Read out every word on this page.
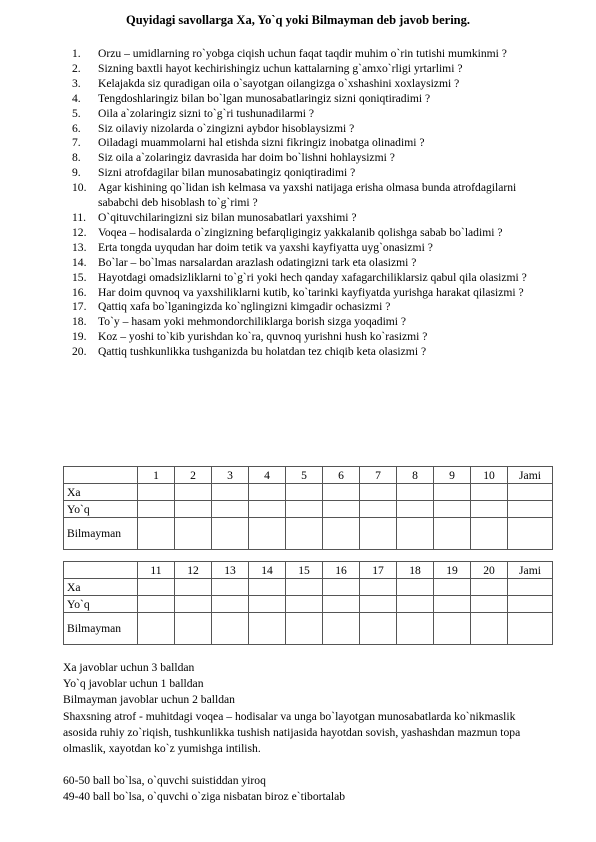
Quyidagi savollarga Xa, Yo`q yoki Bilmayman deb javob bering.
1.	Orzu – umidlarning ro`yobga ciqish uchun faqat taqdir muhim o`rin tutishi mumkinmi ?
2.	Sizning baxtli hayot kechirishingiz uchun kattalarning g`amxo`rligi yrtarlimi ?
3.	Kelajakda siz quradigan oila o`sayotgan oilangizga o`xshashini xoxlaysizmi ?
4.	Tengdoshlaringiz bilan bo`lgan munosabatlaringiz sizni qoniqtiradimi ?
5.	Oila a`zolaringiz sizni to`g`ri tushunadilarmi ?
6.	Siz oilaviy nizolarda o`zingizni aybdor hisoblaysizmi ?
7.	Oiladagi muammolarni hal etishda sizni fikringiz inobatga olinadimi ?
8.	Siz oila a`zolaringiz davrasida har doim bo`lishni hohlaysizmi ?
9.	Sizni atrofdagilar bilan munosabatingiz qoniqtiradimi ?
10. Agar kishining qo`lidan ish kelmasa va yaxshi natijaga erisha olmasa bunda atrofdagilarni sababchi deb hisoblash to`g`rimi ?
11.	O`qituvchilaringizni siz bilan munosabatlari yaxshimi ?
12. Voqea – hodisalarda o`zingizning befarqligingiz yakkalanib qolishga sabab bo`ladimi ?
13. Erta tongda uyqudan har doim tetik va yaxshi kayfiyatta uyg`onasizmi ?
14. Bo`lar – bo`lmas narsalardan arazlash odatingizni tark eta olasizmi ?
15. Hayotdagi omadsizliklarni to`g`ri yoki hech qanday xafagarchiliklarsiz qabul qila olasizmi ?
16. Har doim quvnoq va yaxshiliklarni kutib, ko`tarinki kayfiyatda yurishga harakat qilasizmi ?
17. Qattiq xafa bo`lganingizda ko`nglingizni kimgadir ochasizmi ?
18. To`y – hasam yoki mehmondorchiliklarga borish sizga yoqadimi ?
19. Koz – yoshi to`kib yurishdan ko`ra, quvnoq yurishni hush ko`rasizmi ?
20. Qattiq tushkunlikka tushganizda bu holatdan tez chiqib keta olasizmi ?
	1	2	3	4	5	6	7	8	9	10	Jami
Xa											
Yo`q											
Bilmayman											
	11	12	13	14	15	16	17	18	19	20	Jami
Xa											
Yo`q											
Bilmayman											

Xa javoblar uchun 3 balldan

Yo`q javoblar uchun 1 balldan

Bilmayman javoblar uchun 2 balldan

Shaxsning atrof - muhitdagi voqea – hodisalar va unga bo`layotgan munosabatlarda ko`nikmaslik asosida ruhiy zo`riqish, tushkunlikka tushish natijasida hayotdan sovish, yashashdan mazmun topa olmaslik, xayotdan ko`z yumishga intilish.

60-50 ball bo`lsa, o`quvchi suistiddan yiroq

49-40 ball bo`lsa, o`quvchi o`ziga nisbatan biroz e`tibortalab
